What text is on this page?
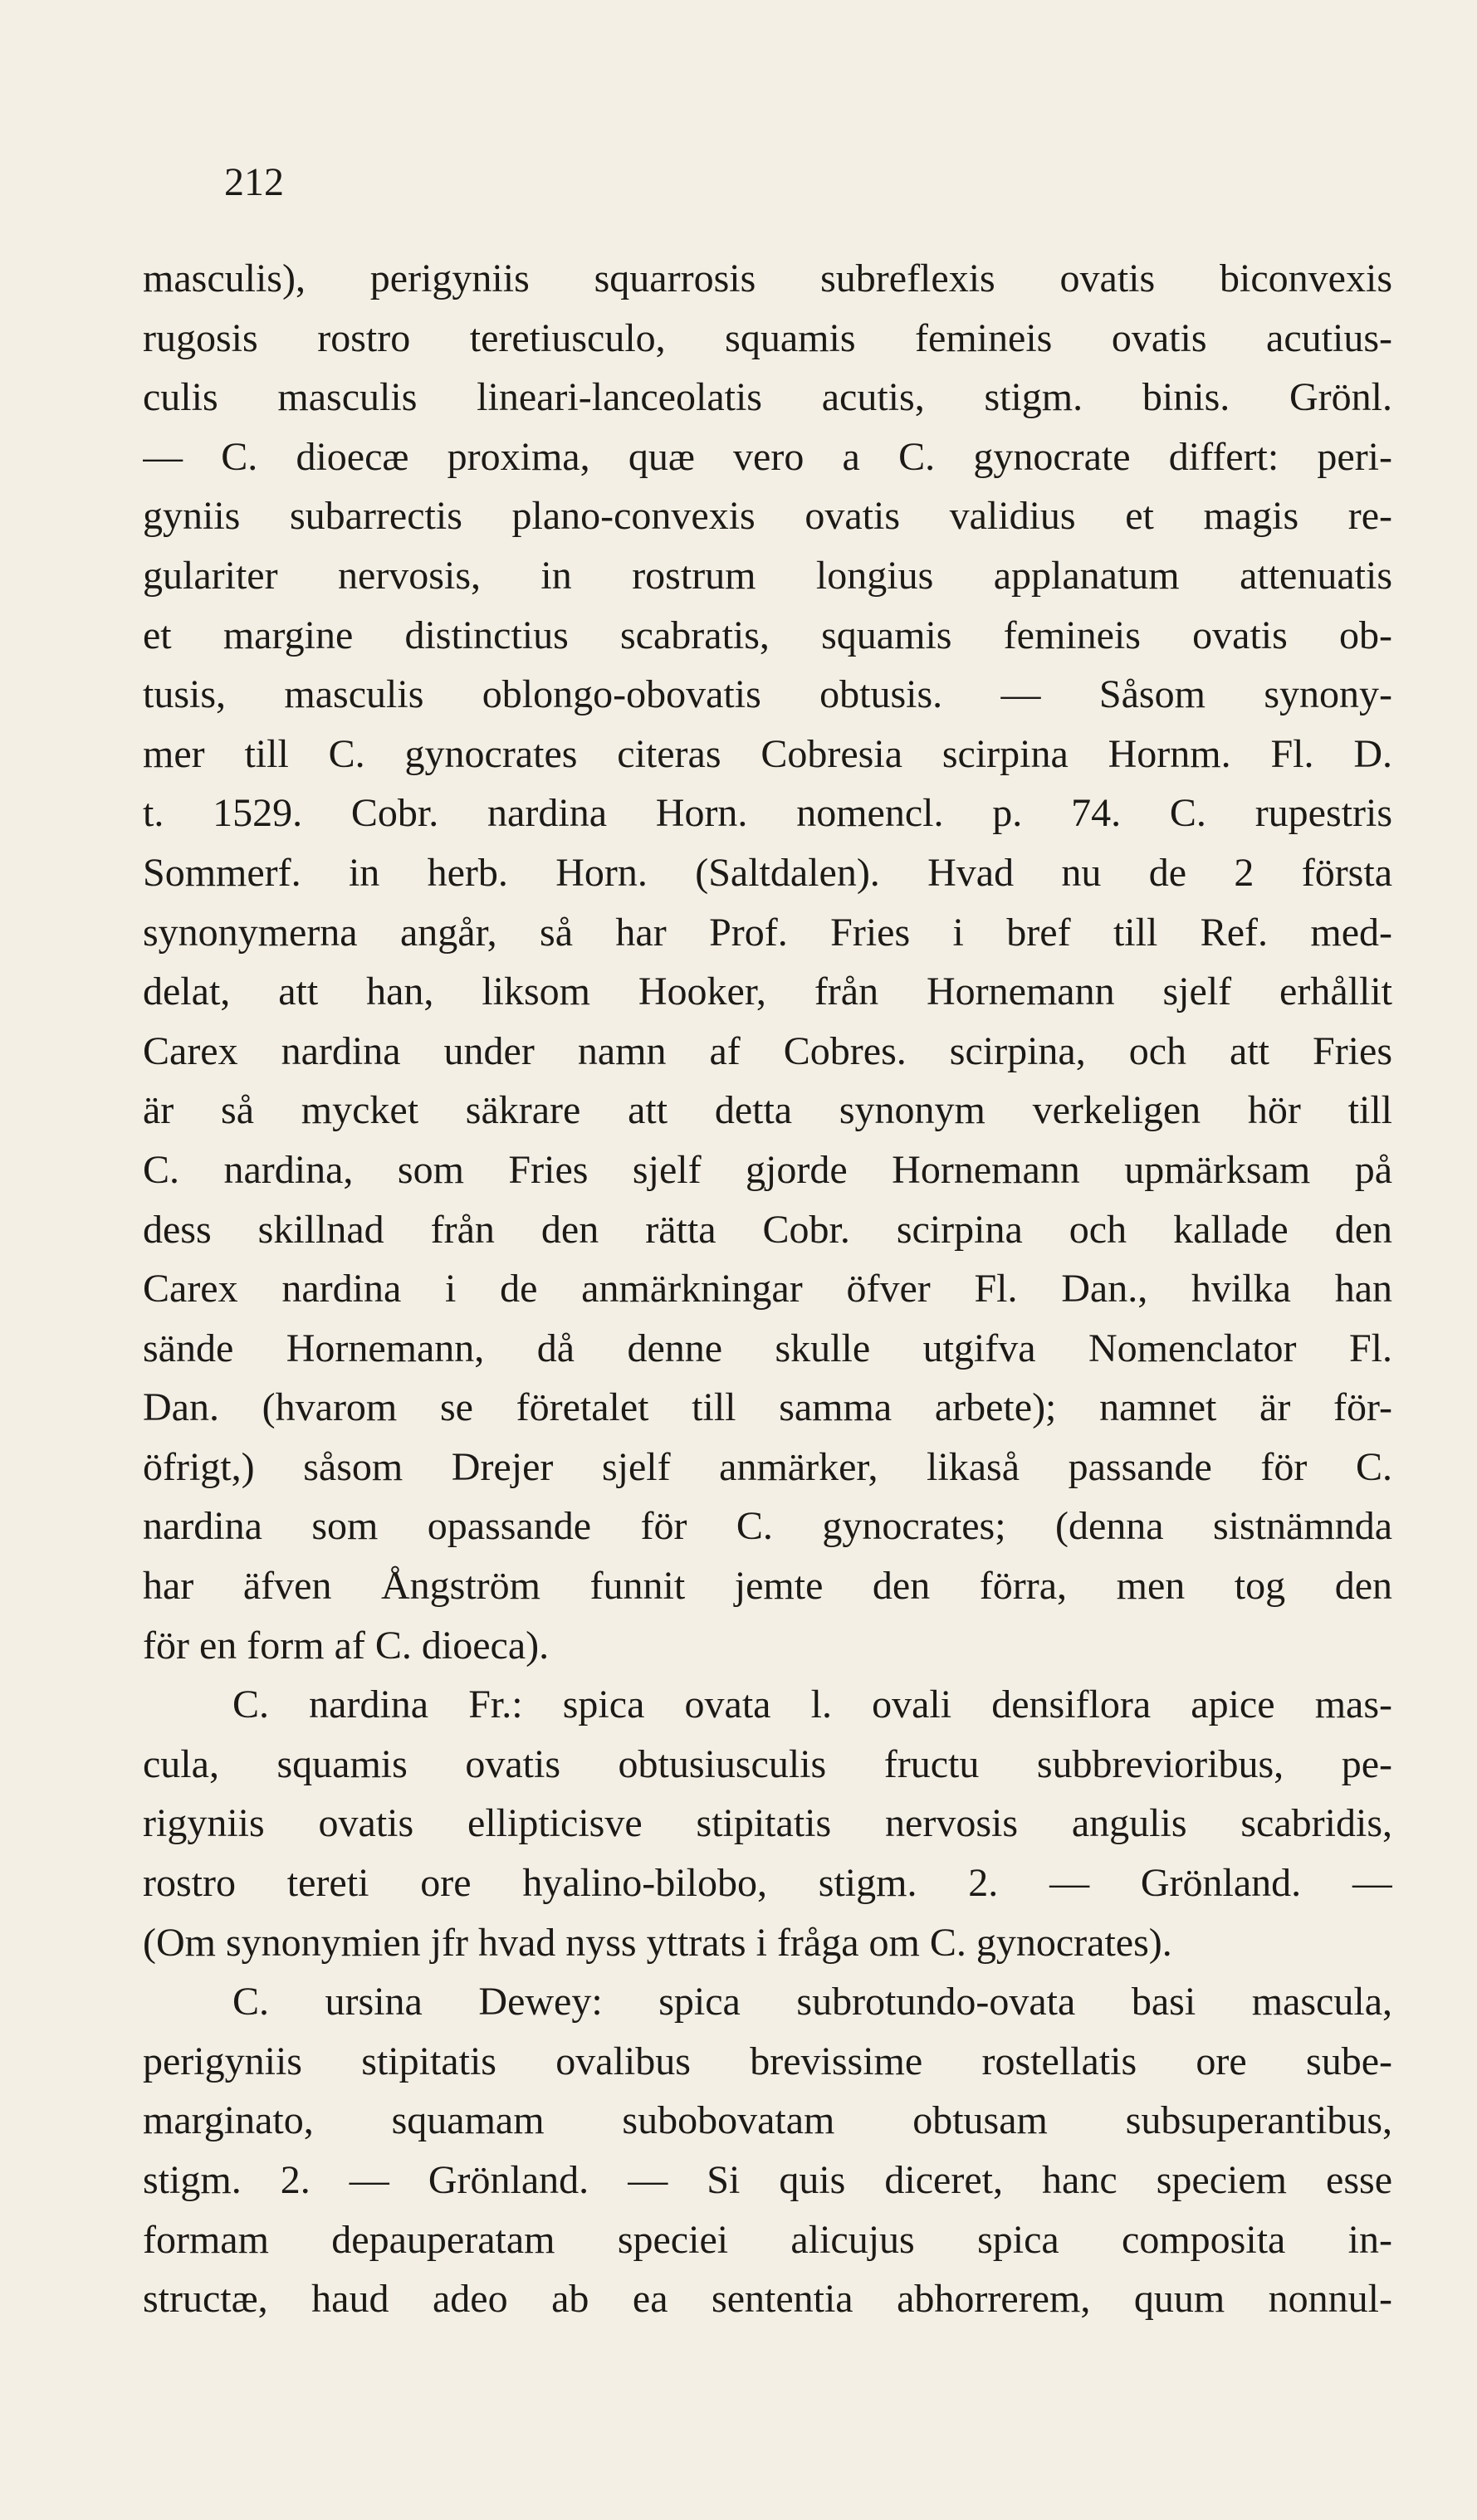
212
masculis), perigyniis squarrosis subreflexis ovatis biconvexis
rugosis rostro teretiusculo, squamis femineis ovatis acutius-
culis masculis lineari-lanceolatis acutis, stigm. binis. Grönl.
— C. dioecæ proxima, quæ vero a C. gynocrate differt: peri-
gyniis subarrectis plano-convexis ovatis validius et magis re-
gulariter nervosis, in rostrum longius applanatum attenuatis
et margine distinctius scabratis, squamis femineis ovatis ob-
tusis, masculis oblongo-obovatis obtusis. — Såsom synony-
mer till C. gynocrates citeras Cobresia scirpina Hornm. Fl. D.
t. 1529. Cobr. nardina Horn. nomencl. p. 74. C. rupestris
Sommerf. in herb. Horn. (Saltdalen). Hvad nu de 2 första
synonymerna angår, så har Prof. Fries i bref till Ref. med-
delat, att han, liksom Hooker, från Hornemann sjelf erhållit
Carex nardina under namn af Cobres. scirpina, och att Fries
är så mycket säkrare att detta synonym verkeligen hör till
C. nardina, som Fries sjelf gjorde Hornemann upmärksam på
dess skillnad från den rätta Cobr. scirpina och kallade den
Carex nardina i de anmärkningar öfver Fl. Dan., hvilka han
sände Hornemann, då denne skulle utgifva Nomenclator Fl.
Dan. (hvarom se företalet till samma arbete); namnet är för-
öfrigt,) såsom Drejer sjelf anmärker, likaså passande för C.
nardina som opassande för C. gynocrates; (denna sistnämnda
har äfven Ångström funnit jemte den förra, men tog den
för en form af C. dioeca).
C. nardina Fr.: spica ovata l. ovali densiflora apice mas-
cula, squamis ovatis obtusiusculis fructu subbrevioribus, pe-
rigyniis ovatis ellipticisve stipitatis nervosis angulis scabridis,
rostro tereti ore hyalino-bilobo, stigm. 2. — Grönland. —
(Om synonymien jfr hvad nyss yttrats i fråga om C. gynocrates).
C. ursina Dewey: spica subrotundo-ovata basi mascula,
perigyniis stipitatis ovalibus brevissime rostellatis ore sube-
marginato, squamam subobovatam obtusam subsuperantibus,
stigm. 2. — Grönland. — Si quis diceret, hanc speciem esse
formam depauperatam speciei alicujus spica composita in-
structæ, haud adeo ab ea sententia abhorrerem, quum nonnul-
